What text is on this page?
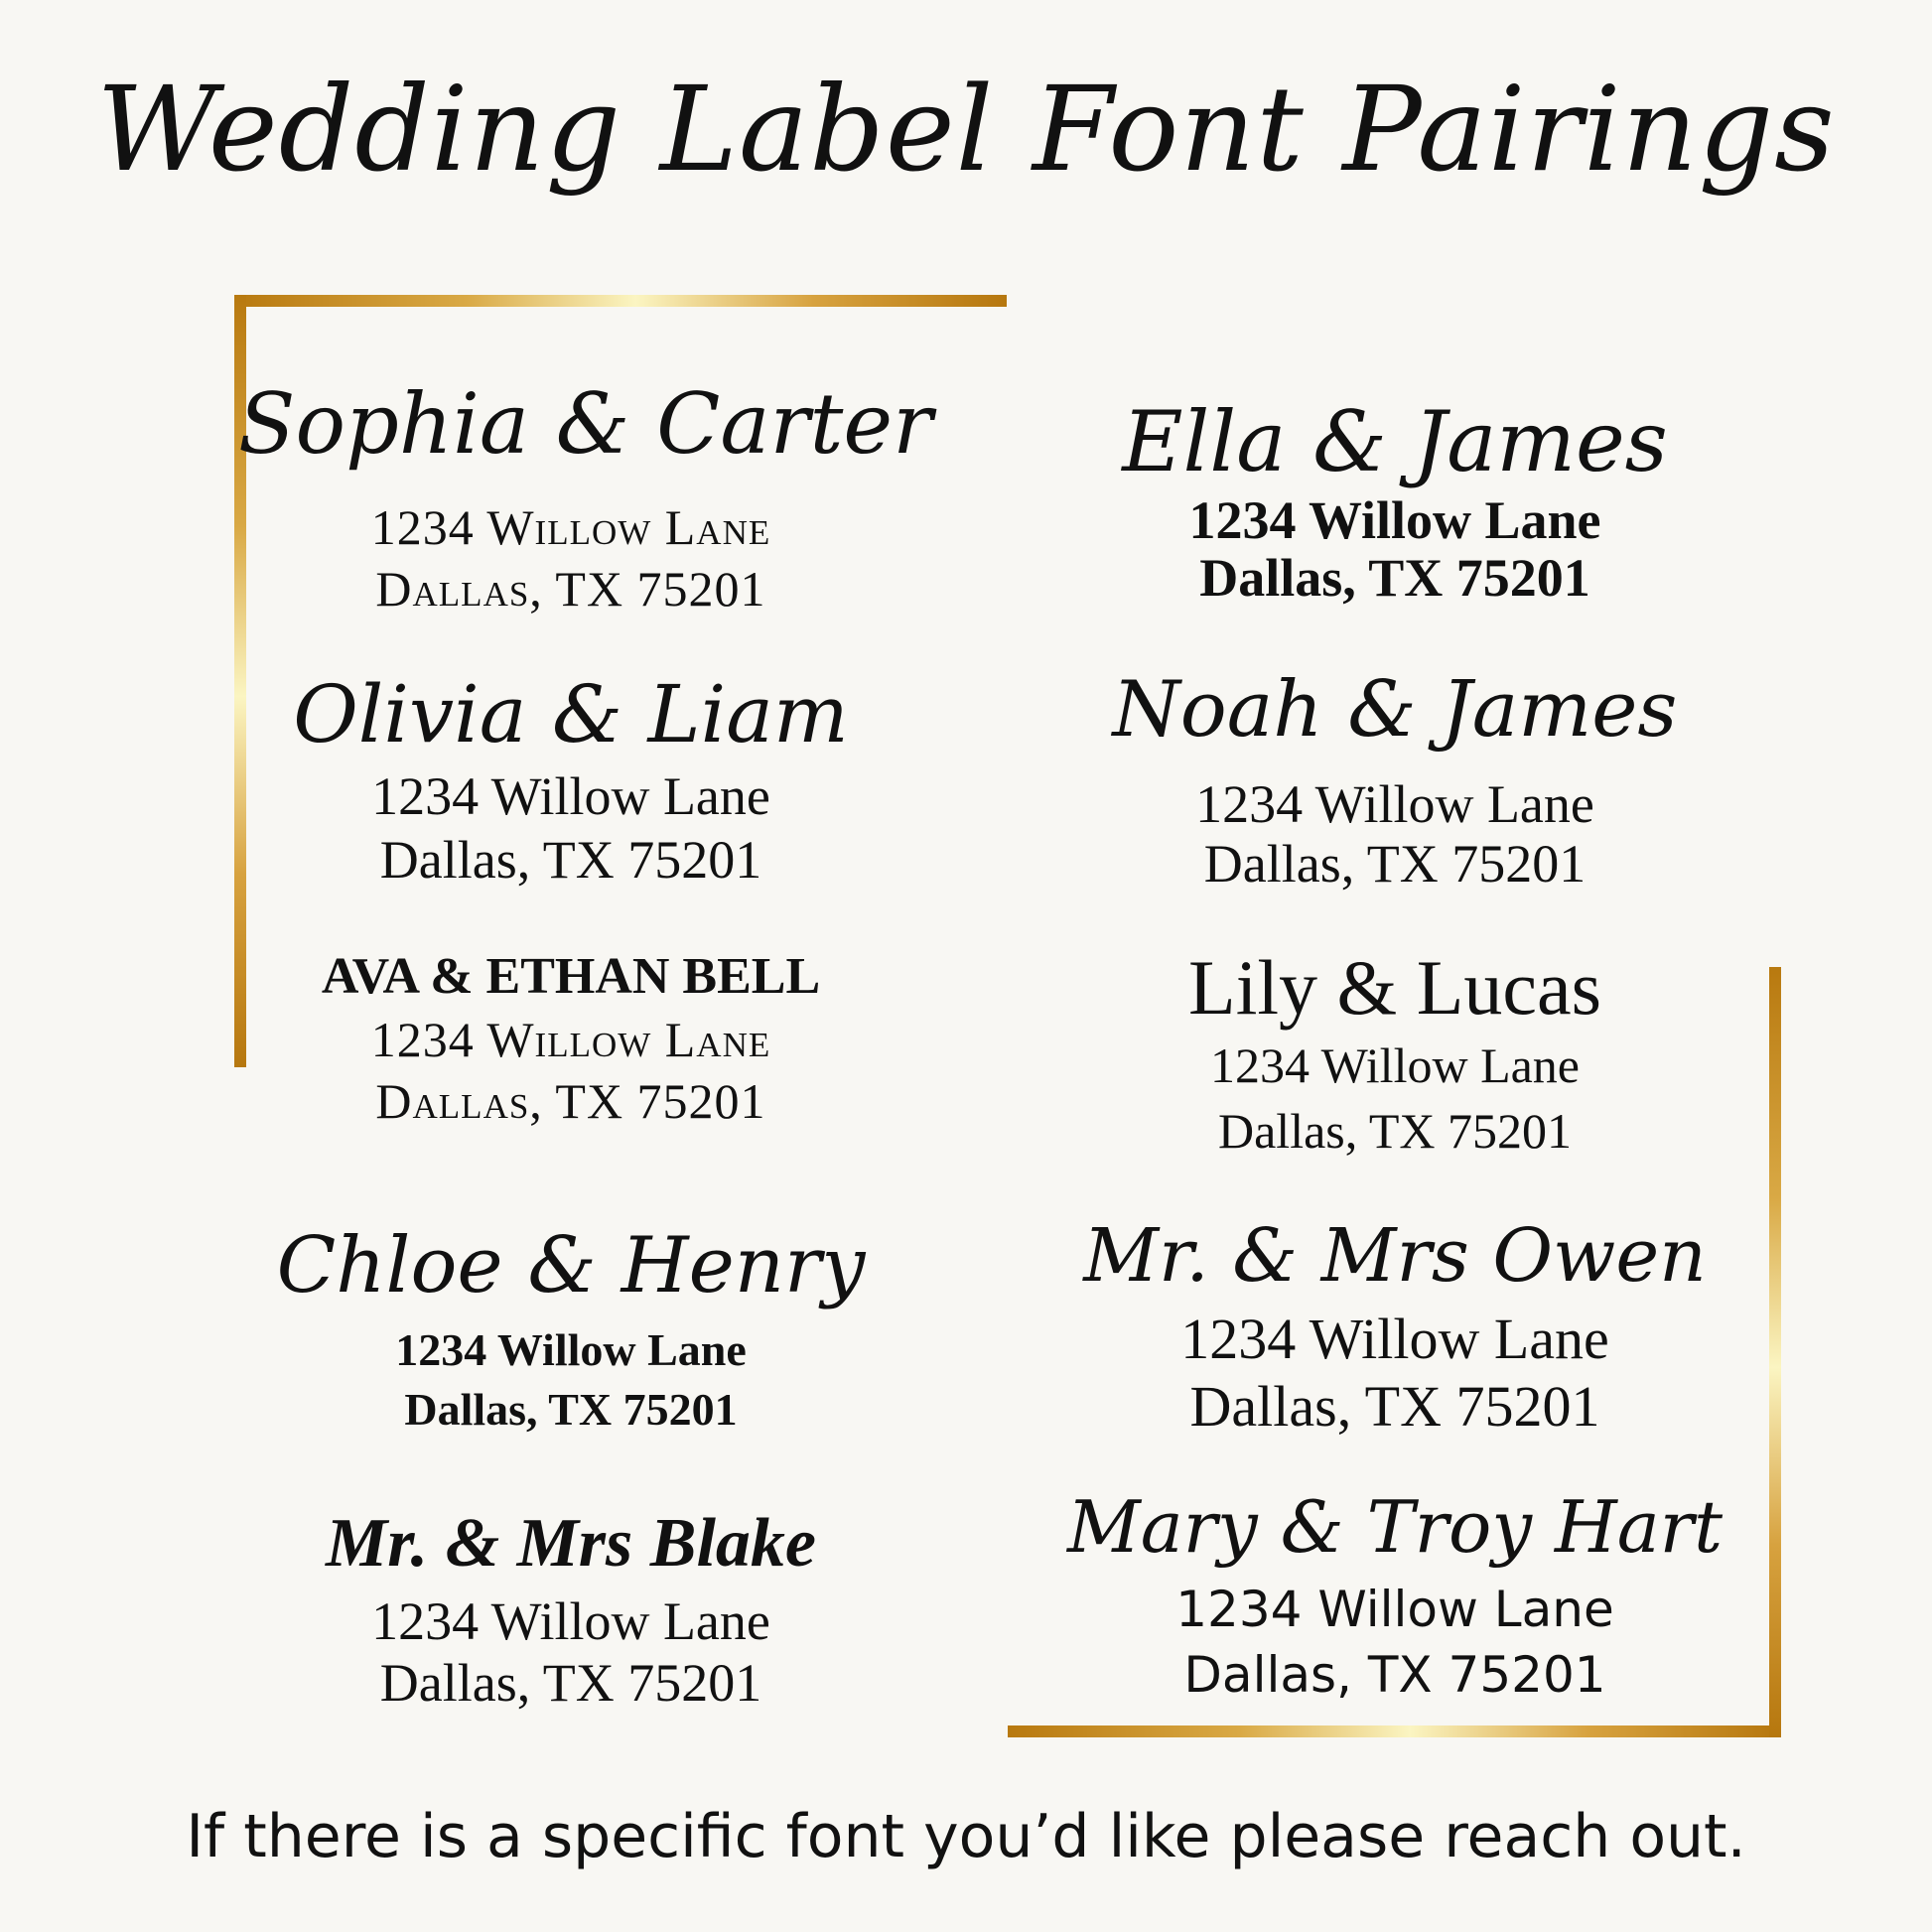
Wedding Label Font Pairings
Sophia & Carter
1234 Willow Lane
Dallas, TX 75201
Olivia & Liam
1234 Willow Lane
Dallas, TX 75201
AVA & ETHAN BELL
1234 Willow Lane
Dallas, TX 75201
Chloe & Henry
1234 Willow Lane
Dallas, TX 75201
Mr. & Mrs Blake
1234 Willow Lane
Dallas, TX 75201
Ella & James
1234 Willow Lane
Dallas, TX 75201
Noah & James
1234 Willow Lane
Dallas, TX 75201
Lily & Lucas
1234 Willow Lane
Dallas, TX 75201
Mr. & Mrs Owen
1234 Willow Lane
Dallas, TX 75201
Mary & Troy Hart
1234 Willow Lane
Dallas, TX 75201
If there is a specific font you’d like please reach out.
